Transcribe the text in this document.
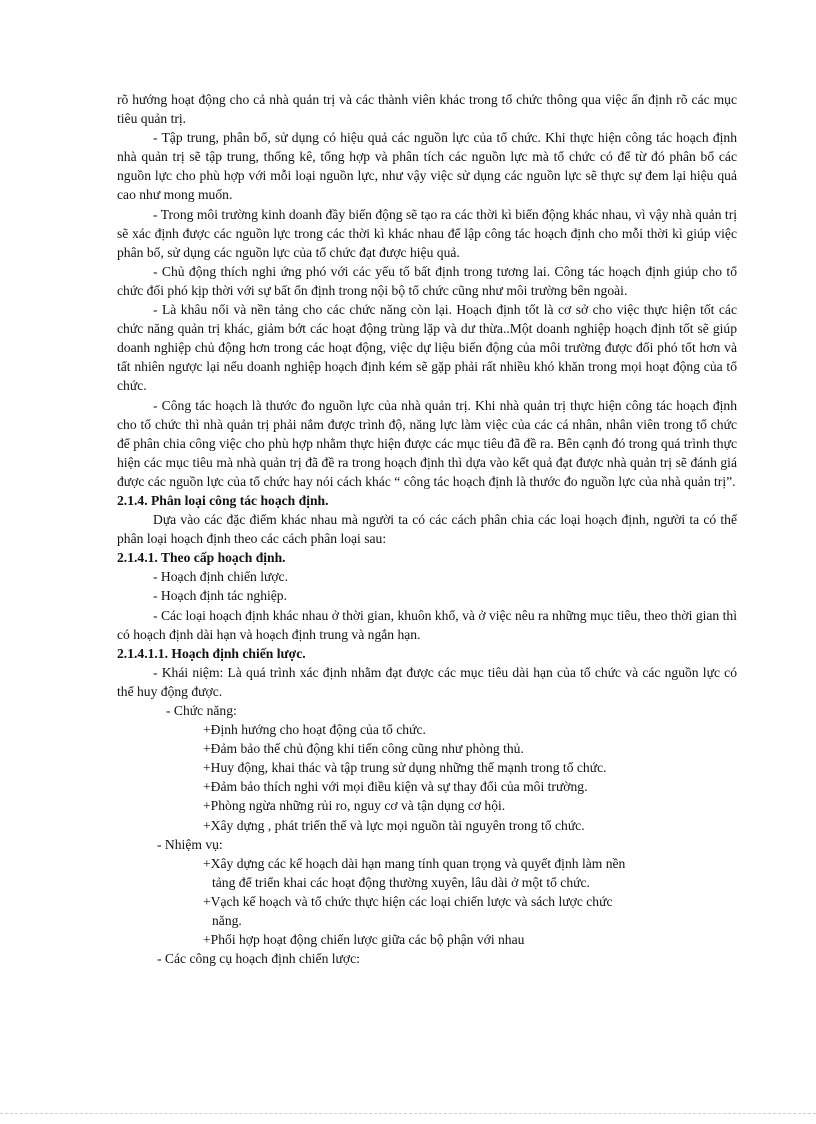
rõ hướng hoạt động cho cả nhà quản trị và các thành viên khác trong tổ chức thông qua việc ấn định rõ các mục tiêu quản trị.

- Tập trung, phân bổ, sử dụng có hiệu quả các nguồn lực của tổ chức. Khi thực hiện công tác hoạch định nhà quản trị sẽ tập trung, thống kê, tổng hợp và phân tích các nguồn lực mà tổ chức có để từ đó phân bổ các nguồn lực cho phù hợp với mỗi loại nguồn lực, như vậy việc sử dụng các nguồn lực sẽ thực sự đem lại hiệu quả cao như mong muốn.

- Trong môi trường kinh doanh đầy biến động sẽ tạo ra các thời kì biến động khác nhau, vì vậy nhà quản trị sẽ xác định được các nguồn lực trong các thời kì khác nhau để lập công tác hoạch định cho mỗi thời kì giúp việc phân bổ, sử dụng các nguồn lực của tổ chức đạt được hiệu quả.

- Chủ động thích nghi ứng phó với các yếu tố bất định trong tương lai. Công tác hoạch định giúp cho tổ chức đối phó kịp thời với sự bất ổn định trong nội bộ tổ chức cũng như môi trường bên ngoài.

- Là khâu nối và nền tảng cho các chức năng còn lại. Hoạch định tốt là cơ sở cho việc thực hiện tốt các chức năng quản trị khác, giảm bớt các hoạt động trùng lặp và dư thừa..Một doanh nghiệp hoạch định tốt sẽ giúp doanh nghiệp chủ động hơn trong các hoạt động, việc dự liệu biến động của môi trường được đối phó tốt hơn và tất nhiên ngược lại nếu doanh nghiệp hoạch định kém sẽ gặp phải rất nhiều khó khăn trong mọi hoạt động của tổ chức.

- Công tác hoạch là thước đo nguồn lực của nhà quản trị. Khi nhà quản trị thực hiện công tác hoạch định cho tổ chức thì nhà quản trị phải nắm được trình độ, năng lực làm việc của các cá nhân, nhân viên trong tổ chức để phân chia công việc cho phù hợp nhằm thực hiện được các mục tiêu đã đề ra. Bên cạnh đó trong quá trình thực hiện các mục tiêu mà nhà quản trị đã đề ra trong hoạch định thì dựa vào kết quả đạt được nhà quản trị sẽ đánh giá được các nguồn lực của tổ chức hay nói cách khác “ công tác hoạch định là thước đo nguồn lực của nhà quản trị”.

2.1.4. Phân loại công tác hoạch định.

Dựa vào các đặc điểm khác nhau mà người ta có các cách phân chia các loại hoạch định, người ta có thể phân loại hoạch định theo các cách phân loại sau:

2.1.4.1. Theo cấp hoạch định.

- Hoạch định chiến lược.

- Hoạch định tác nghiệp.

- Các loại hoạch định khác nhau ở thời gian, khuôn khổ, và ở việc nêu ra những mục tiêu, theo thời gian thì có hoạch định dài hạn và hoạch định trung và ngắn hạn.

2.1.4.1.1. Hoạch định chiến lược.

- Khái niệm: Là quá trình xác định nhằm đạt được các mục tiêu dài hạn của tổ chức và các nguồn lực có thể huy động được.

- Chức năng:

+Định hướng cho hoạt động của tổ chức.

+Đảm bảo thế chủ động khi tiến công cũng như phòng thủ.

+Huy động, khai thác và tập trung sử dụng những thế mạnh trong tổ chức.

+Đảm bảo thích nghi với mọi điều kiện và sự thay đổi của môi trường.

+Phòng ngừa những rủi ro, nguy cơ và tận dụng cơ hội.

+Xây dựng , phát triển thế và lực mọi nguồn tài nguyên trong tổ chức.

- Nhiệm vụ:

+Xây dựng các kế hoạch dài hạn mang tính quan trọng và quyết định làm nền
tảng để triển khai các hoạt động thường xuyên, lâu dài ở một tổ chức.

+Vạch kế hoạch và tổ chức thực hiện các loại chiến lược và sách lược chức
năng.

+Phối hợp hoạt động chiến lược giữa các bộ phận với nhau

- Các công cụ hoạch định chiến lược:
